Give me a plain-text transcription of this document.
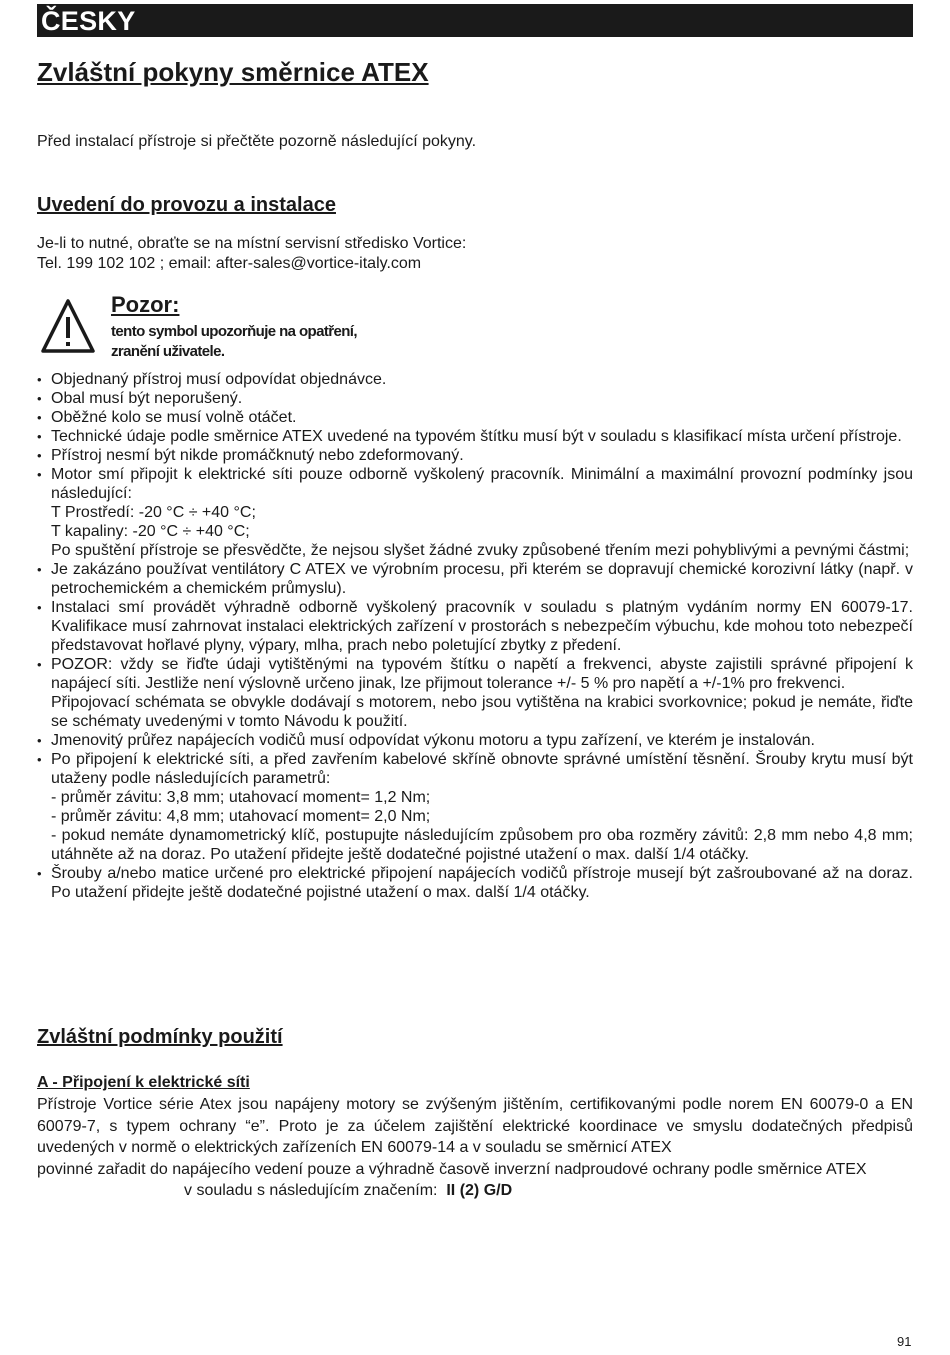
ČESKY
Zvláštní pokyny směrnice ATEX

Před instalací přístroje si přečtěte pozorně následující pokyny.

Uvedení do provozu a instalace

Je-li to nutné, obraťte se na místní servisní středisko Vortice:
Tel. 199 102 102 ; email: after-sales@vortice-italy.com

Pozor:

tento symbol upozorňuje na opatření,
zranění uživatele.

• Objednaný přístroj musí odpovídat objednávce.
• Obal musí být neporušený.
• Oběžné kolo se musí volně otáčet.
• Technické údaje podle směrnice ATEX uvedené na typovém štítku musí být v souladu s klasifikací místa určení přístroje.
• Přístroj nesmí být nikde promáčknutý nebo zdeformovaný.
• Motor smí připojit k elektrické síti pouze odborně vyškolený pracovník. Minimální a maximální provozní podmínky jsou následující:
T Prostředí: -20 °C ÷ +40 °C;
T kapaliny: -20 °C ÷ +40 °C;
Po spuštění přístroje se přesvědčte, že nejsou slyšet žádné zvuky způsobené třením mezi pohyblivými a pevnými částmi;
• Je zakázáno používat ventilátory C ATEX ve výrobním procesu, při kterém se dopravují chemické korozivní látky (např. v petrochemickém a chemickém průmyslu).
• Instalaci smí provádět výhradně odborně vyškolený pracovník v souladu s platným vydáním normy EN 60079-17. Kvalifikace musí zahrnovat instalaci elektrických zařízení v prostorách s nebezpečím výbuchu, kde mohou toto nebezpečí představovat hořlavé plyny, výpary, mlha, prach nebo poletující zbytky z předení.
• POZOR: vždy se řiďte údaji vytištěnými na typovém štítku o napětí a frekvenci, abyste zajistili správné připojení k napájecí síti. Jestliže není výslovně určeno jinak, lze přijmout tolerance +/- 5 % pro napětí a +/-1% pro frekvenci.
Připojovací schémata se obvykle dodávají s motorem, nebo jsou vytištěna na krabici svorkovnice; pokud je nemáte, řiďte se schématy uvedenými v tomto Návodu k použití.
• Jmenovitý průřez napájecích vodičů musí odpovídat výkonu motoru a typu zařízení, ve kterém je instalován.
• Po připojení k elektrické síti, a před zavřením kabelové skříně obnovte správné umístění těsnění. Šrouby krytu musí být utaženy podle následujících parametrů:
- průměr závitu: 3,8 mm; utahovací moment= 1,2 Nm;
- průměr závitu: 4,8 mm; utahovací moment= 2,0 Nm;
- pokud nemáte dynamometrický klíč, postupujte následujícím způsobem pro oba rozměry závitů: 2,8 mm nebo 4,8 mm; utáhněte až na doraz. Po utažení přidejte ještě dodatečné pojistné utažení o max. další 1/4 otáčky.
• Šrouby a/nebo matice určené pro elektrické připojení napájecích vodičů přístroje musejí být zašroubované až na doraz. Po utažení přidejte ještě dodatečné pojistné utažení o max. další 1/4 otáčky.
Zvláštní podmínky použití

A - Připojení k elektrické síti

Přístroje Vortice série Atex jsou napájeny motory se zvýšeným jištěním, certifikovanými podle norem EN 60079-0 a EN 60079-7, s typem ochrany “e”. Proto je za účelem zajištění elektrické koordinace ve smyslu dodatečných předpisů uvedených v normě o elektrických zařízeních EN 60079-14 a v souladu se směrnicí ATEX
povinné zařadit do napájecího vedení pouze a výhradně časově inverzní nadproudové ochrany podle směrnice ATEX
v souladu s následujícím značením: II (2) G/D

91
